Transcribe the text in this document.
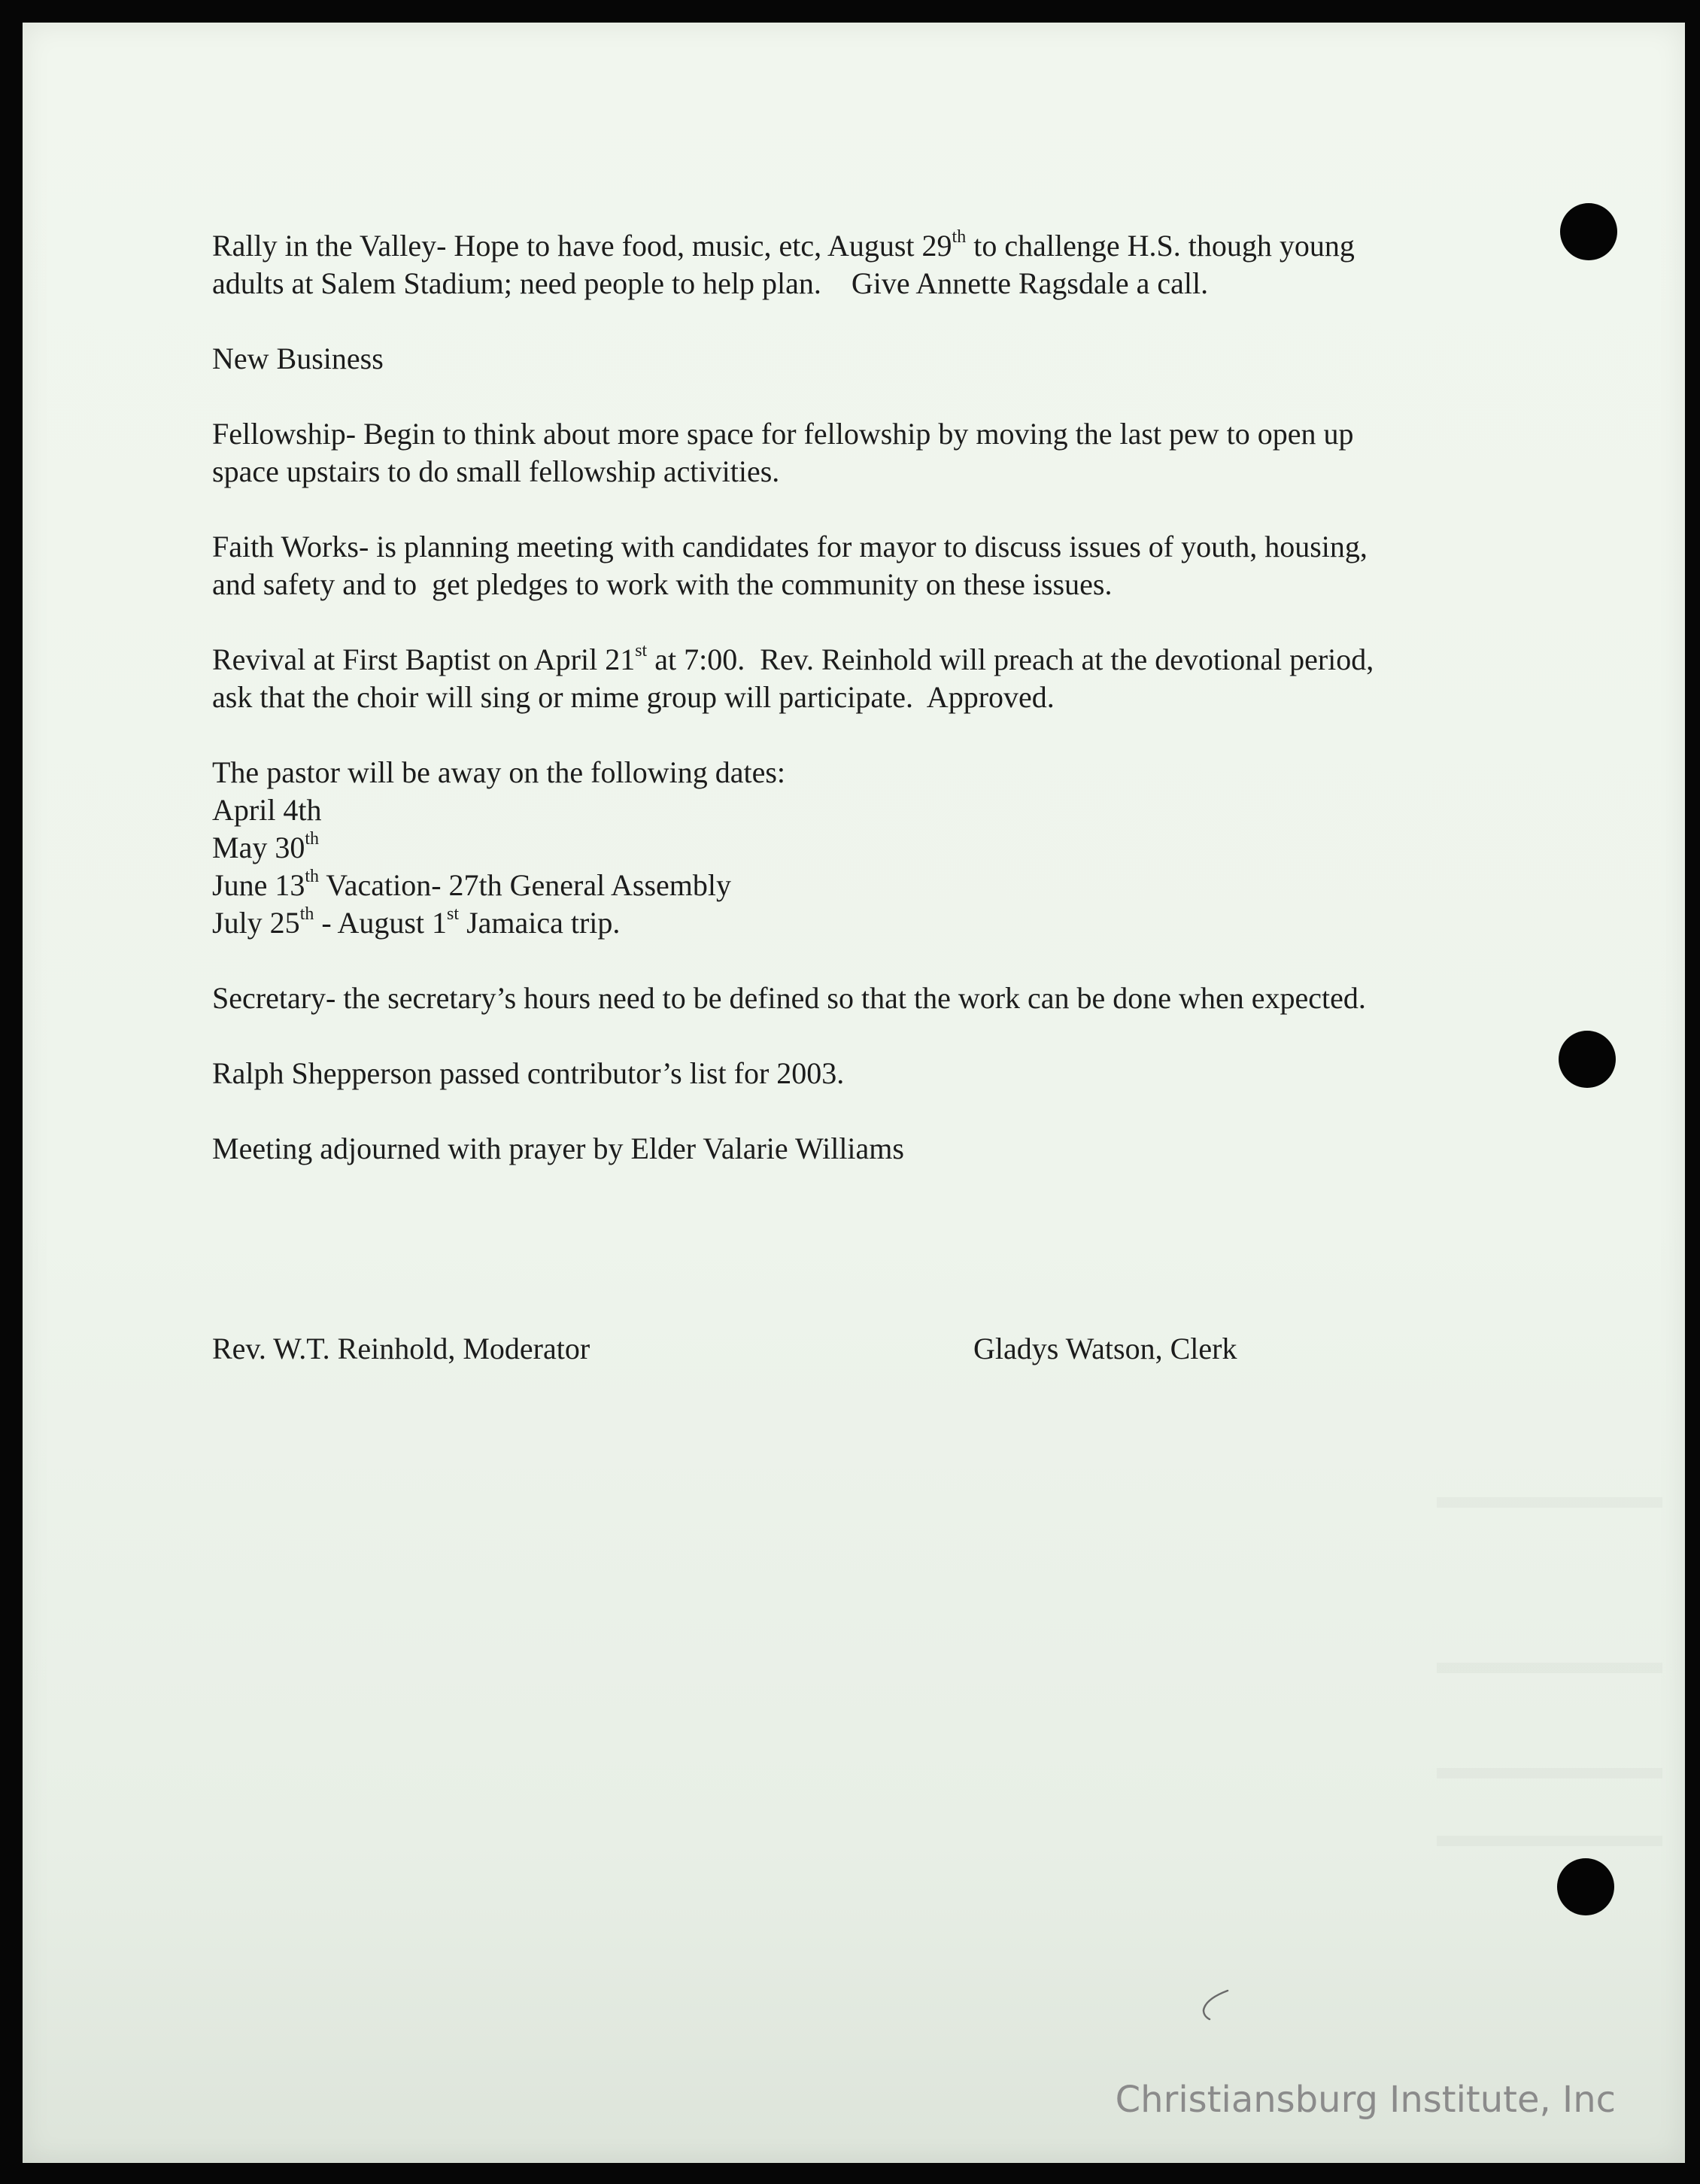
Rally in the Valley- Hope to have food, music, etc, August 29th to challenge H.S. though young
adults at Salem Stadium; need people to help plan.    Give Annette Ragsdale a call.

New Business

Fellowship- Begin to think about more space for fellowship by moving the last pew to open up
space upstairs to do small fellowship activities.

Faith Works- is planning meeting with candidates for mayor to discuss issues of youth, housing,
and safety and to  get pledges to work with the community on these issues.

Revival at First Baptist on April 21st at 7:00.  Rev. Reinhold will preach at the devotional period,
ask that the choir will sing or mime group will participate.  Approved.

The pastor will be away on the following dates:
April 4th
May 30th
June 13th Vacation- 27th General Assembly
July 25th - August 1st Jamaica trip.

Secretary- the secretary’s hours need to be defined so that the work can be done when expected.

Ralph Shepperson passed contributor’s list for 2003.

Meeting adjourned with prayer by Elder Valarie Williams

Rev. W.T. Reinhold, Moderator	Gladys Watson, Clerk
Christiansburg Institute, Inc
